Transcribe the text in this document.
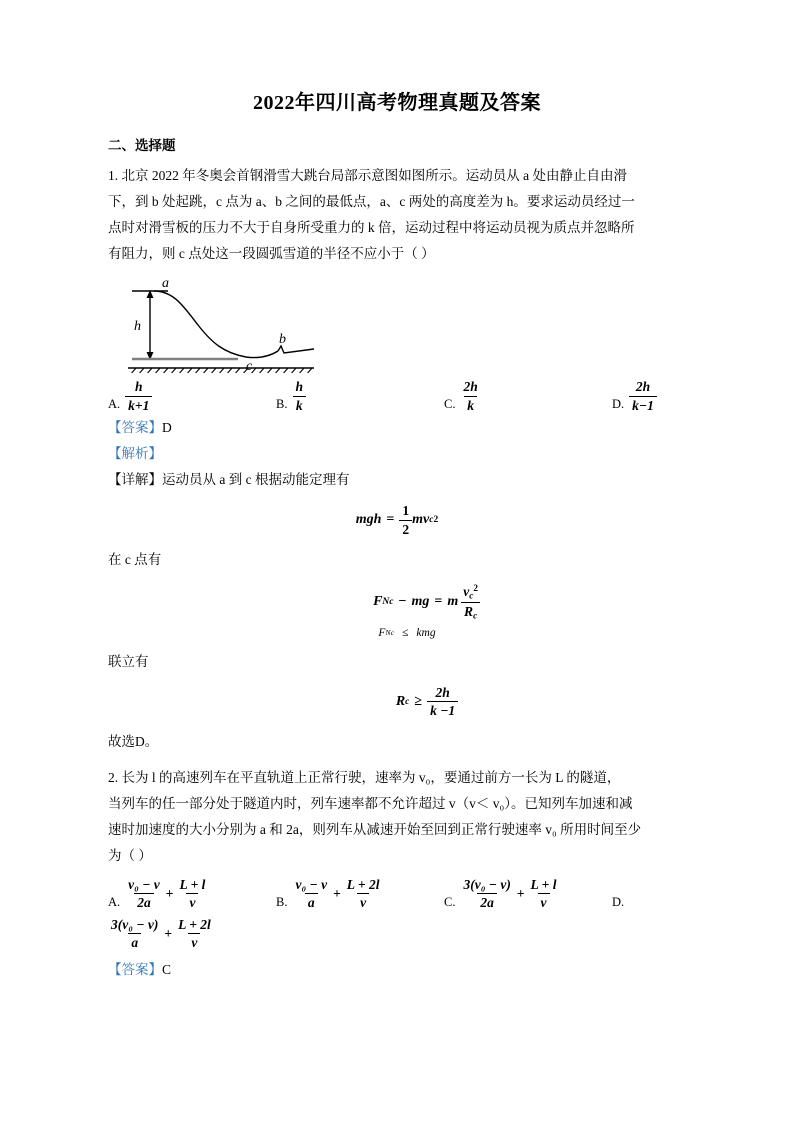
2022年四川高考物理真题及答案
二、选择题
1. 北京 2022 年冬奥会首钢滑雪大跳台局部示意图如图所示。运动员从 a 处由静止自由滑
下，到 b 处起跳，c 点为 a、b 之间的最低点，a、c 两处的高度差为 h。要求运动员经过一
点时对滑雪板的压力不大于自身所受重力的 k 倍，运动过程中将运动员视为质点并忽略所
有阻力，则 c 点处这一段圆弧雪道的半径不应小于（ ）
a
h
b
c
A. $\frac{h}{k+1}$	B. $\frac{h}{k}$	C. $\frac{2h}{k}$	D. $\frac{2h}{k-1}$
【答案】D
【解析】
【详解】运动员从 a 到 c 根据动能定理有
mgh = $\frac{1}{2}$ mv c 2
在 c 点有
F Nc − mg = m $\frac{v_c^2}{R_c}$
F Nc ≤ kmg
联立有
R $c \ge \frac{2h}{k -1}$
故选D。
2. 长为 l 的高速列车在平直轨道上正常行驶，速率为 v₀，要通过前方一长为 L 的隧道，
当列车的任一部分处于隧道内时，列车速率都不允许超过 v（v＜ v₀）。已知列车加速和减
速时加速度的大小分别为 a 和 2a，则列车从减速开始至回到正常行驶速率 v₀ 所用时间至少
为（ ）
A. $\frac{\text{v₀ − v}}{2a} + \frac{L + l}{v}$	B. $\frac{\text{v₀ − v}}{a} + \frac{L + 2l}{v}$	C. $\frac{\text{3(v₀ − v)}}{2a} + \frac{L + l}{v}$	D.
$\frac{\text{3(v₀ − v)}}{a} + \frac{L + 2l}{v}$
【答案】C
